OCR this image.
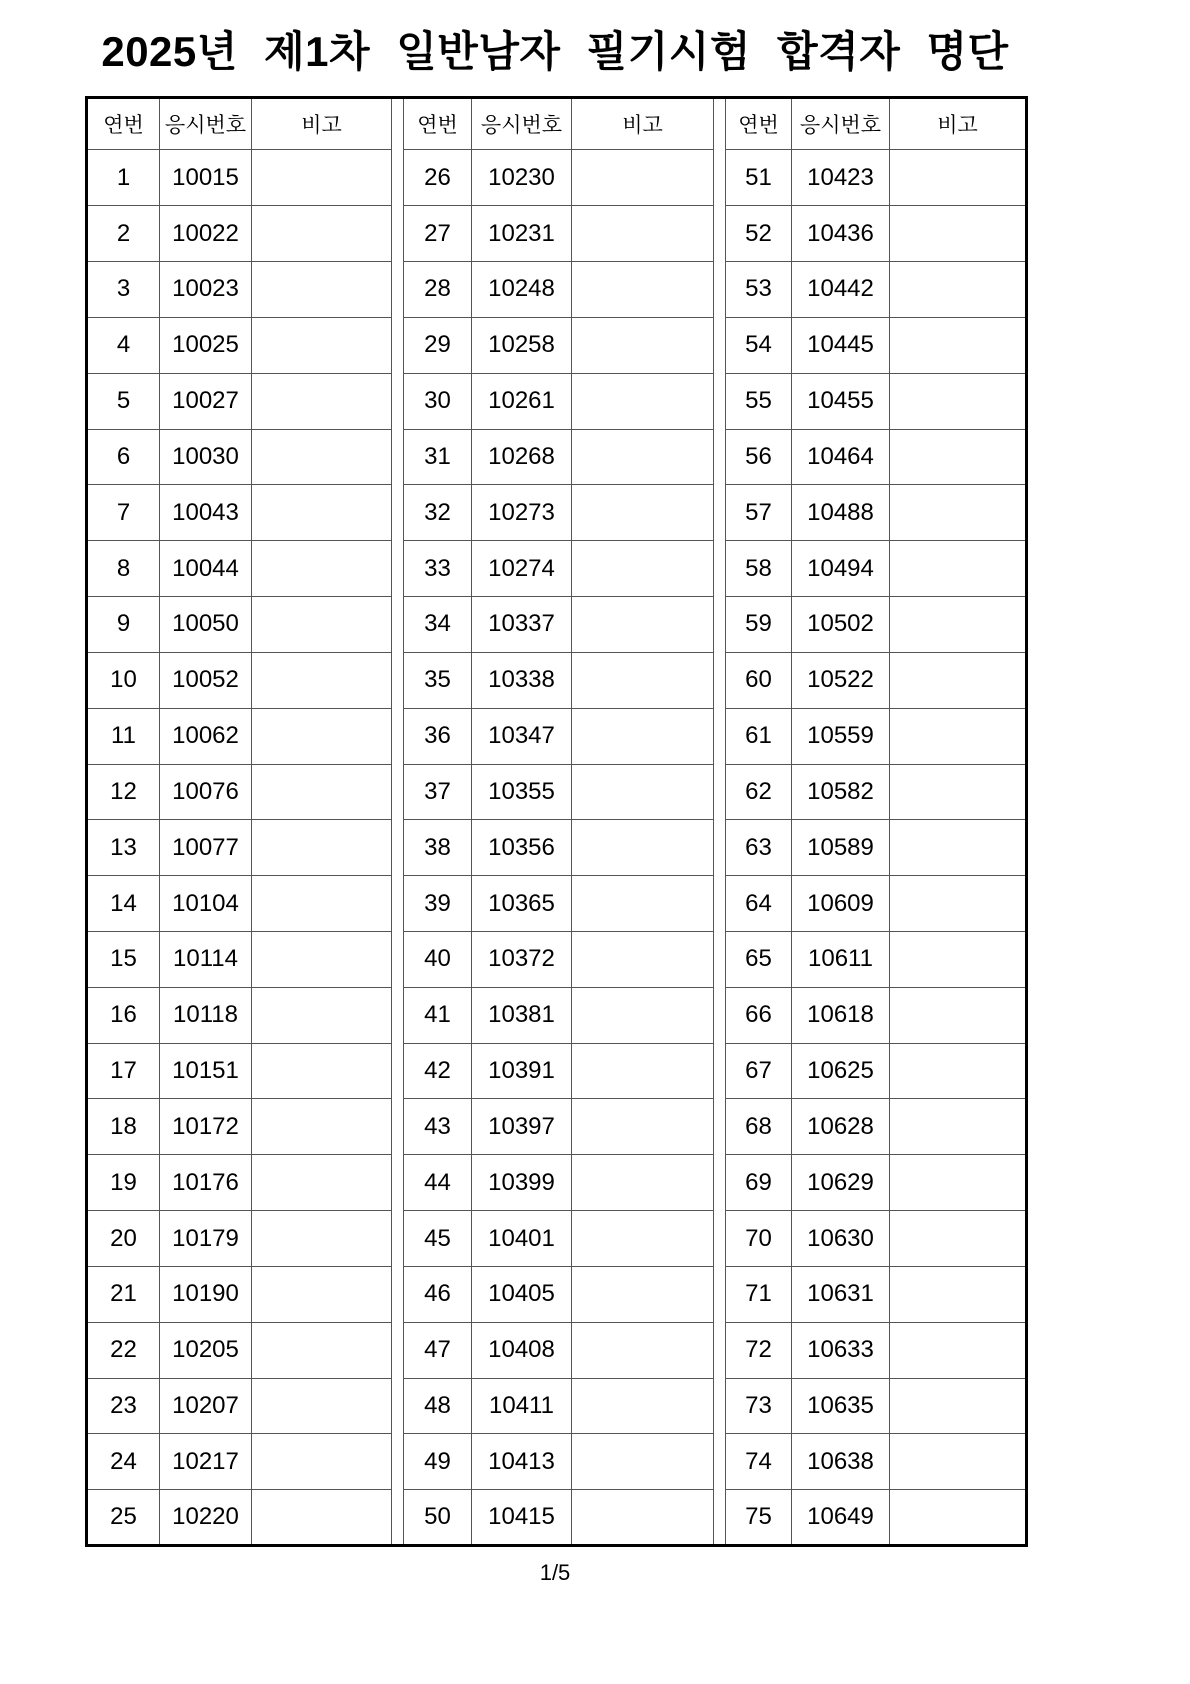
2025년 제1차 일반남자 필기시험 합격자 명단
연번	응시번호	비고		연번	응시번호	비고		연번	응시번호	비고
1	10015			26	10230			51	10423	
2	10022			27	10231			52	10436	
3	10023			28	10248			53	10442	
4	10025			29	10258			54	10445	
5	10027			30	10261			55	10455	
6	10030			31	10268			56	10464	
7	10043			32	10273			57	10488	
8	10044			33	10274			58	10494	
9	10050			34	10337			59	10502	
10	10052			35	10338			60	10522	
11	10062			36	10347			61	10559	
12	10076			37	10355			62	10582	
13	10077			38	10356			63	10589	
14	10104			39	10365			64	10609	
15	10114			40	10372			65	10611	
16	10118			41	10381			66	10618	
17	10151			42	10391			67	10625	
18	10172			43	10397			68	10628	
19	10176			44	10399			69	10629	
20	10179			45	10401			70	10630	
21	10190			46	10405			71	10631	
22	10205			47	10408			72	10633	
23	10207			48	10411			73	10635	
24	10217			49	10413			74	10638	
25	10220			50	10415			75	10649	
1/5
